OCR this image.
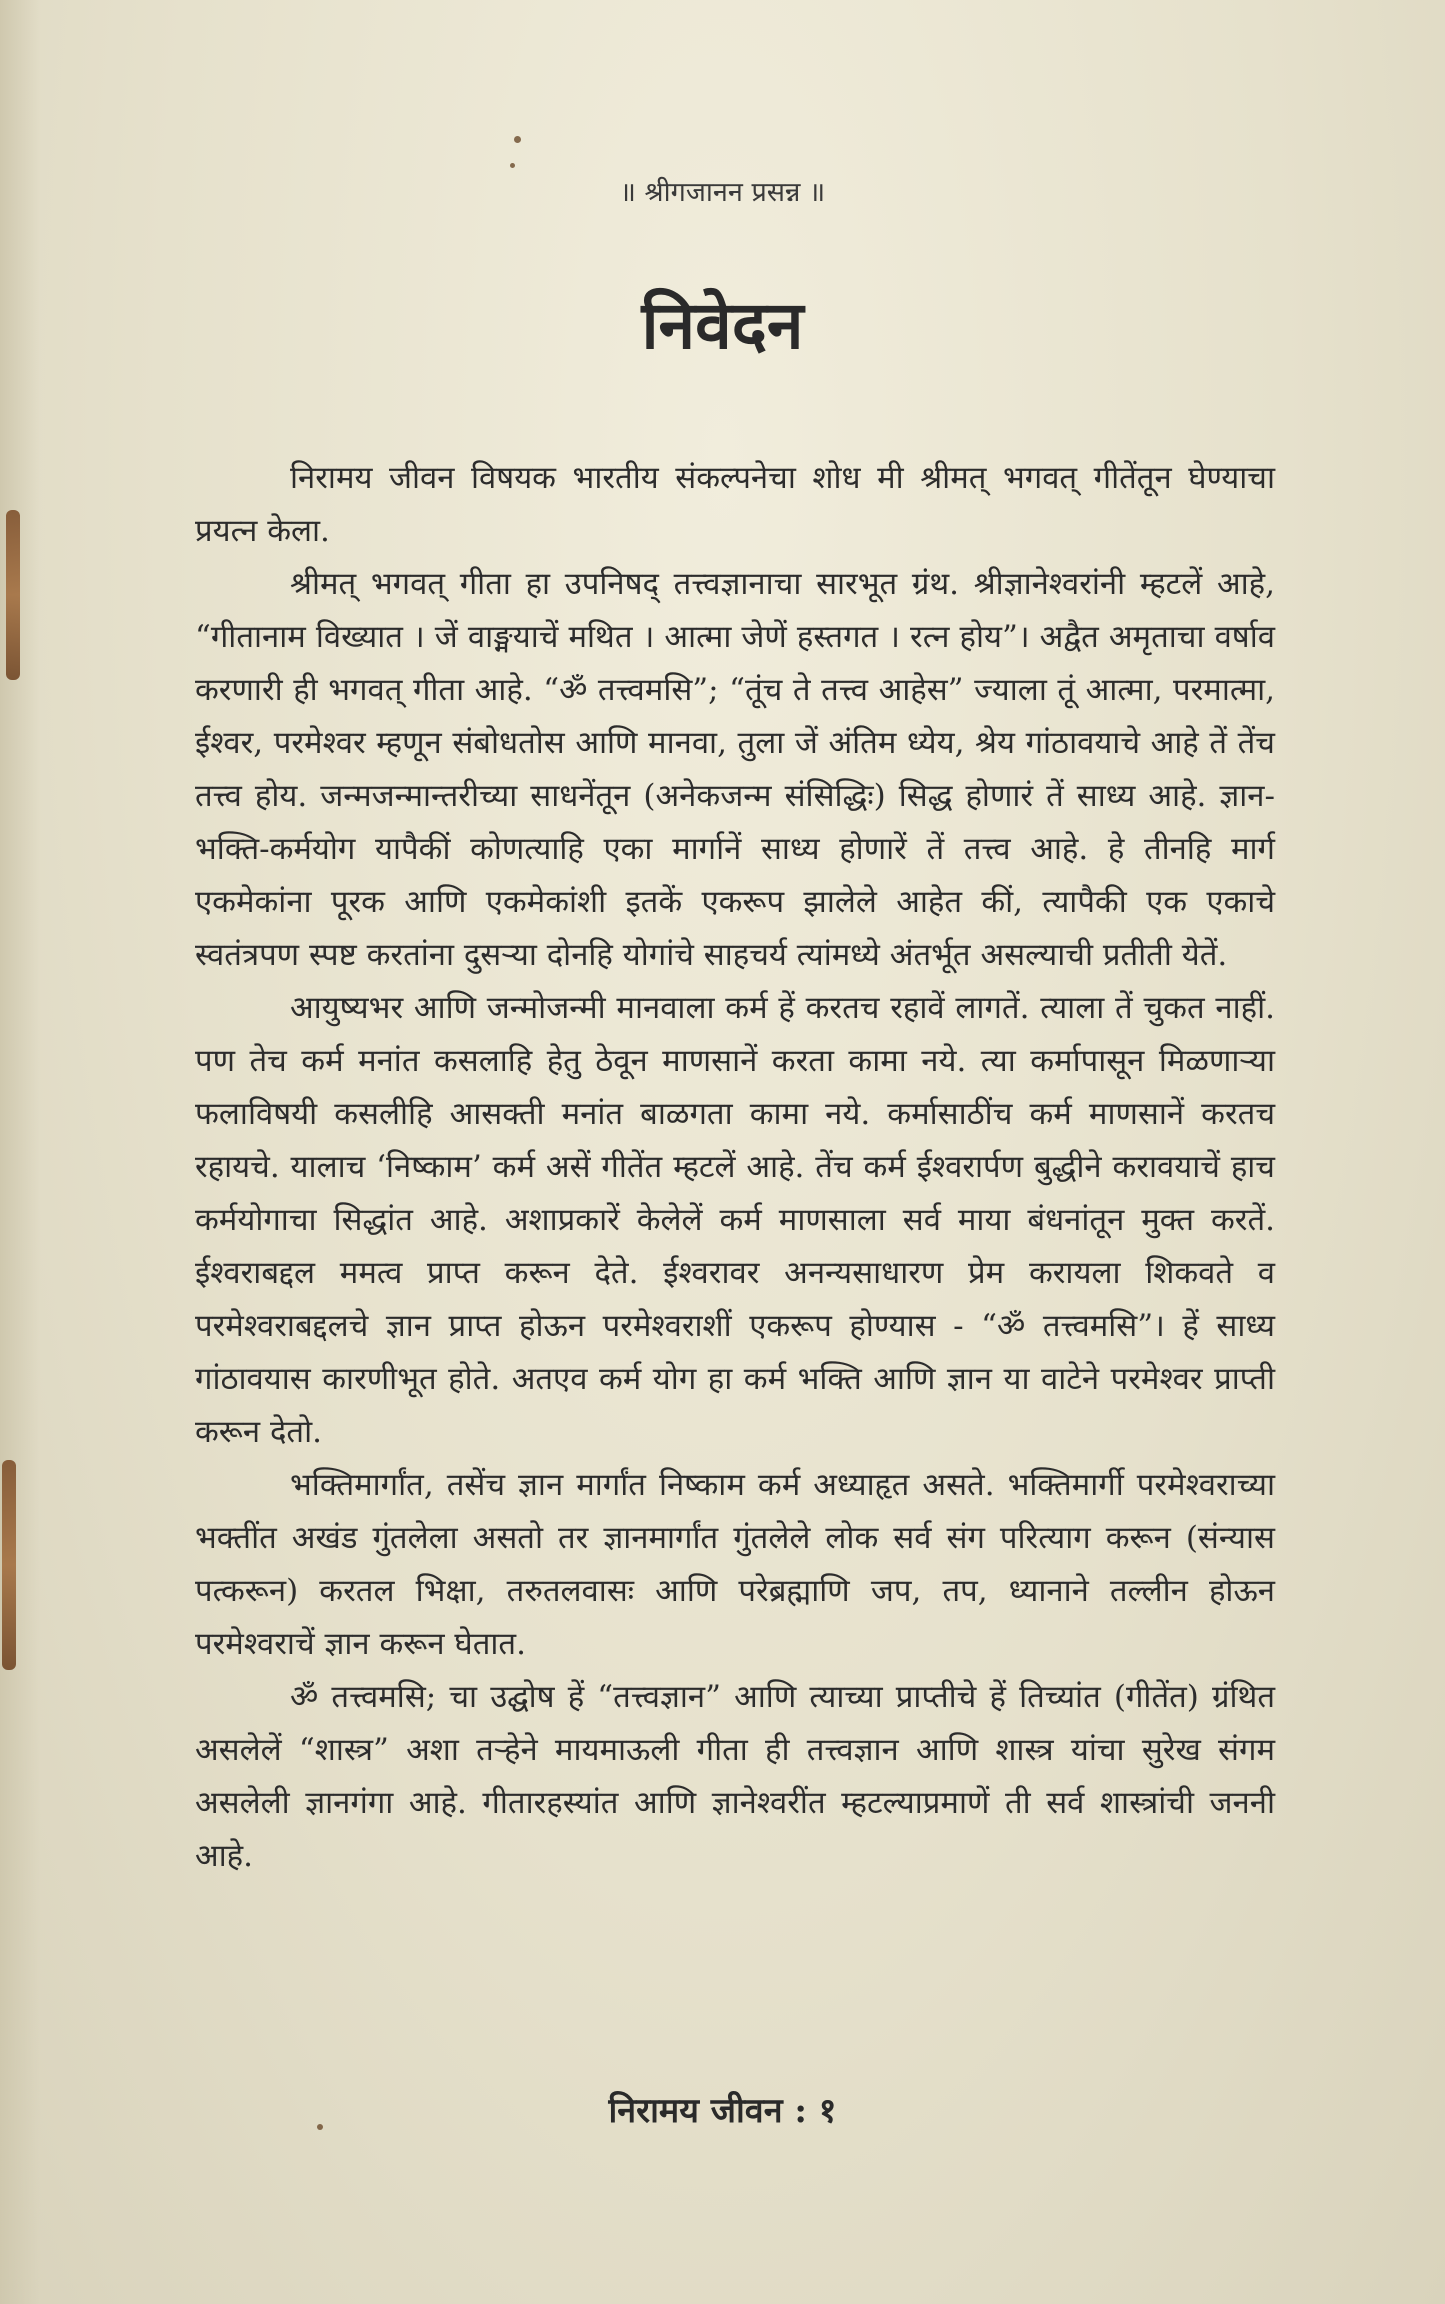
॥ श्रीगजानन प्रसन्न ॥
निवेदन

निरामय जीवन विषयक भारतीय संकल्पनेचा शोध मी श्रीमत् भगवत् गीतेंतून घेण्याचा प्रयत्न केला.

श्रीमत् भगवत् गीता हा उपनिषद् तत्त्वज्ञानाचा सारभूत ग्रंथ. श्रीज्ञानेश्वरांनी म्हटलें आहे, “गीतानाम विख्यात । जें वाङ्मयाचें मथित । आत्मा जेणें हस्तगत । रत्न होय”। अद्वैत अमृताचा वर्षाव करणारी ही भगवत् गीता आहे. “ॐ तत्त्वमसि”; “तूंच ते तत्त्व आहेस” ज्याला तूं आत्मा, परमात्मा, ईश्वर, परमेश्वर म्हणून संबोधतोस आणि मानवा, तुला जें अंतिम ध्येय, श्रेय गांठावयाचे आहे तें तेंच तत्त्व होय. जन्मजन्मान्तरीच्या साधनेंतून (अनेकजन्म संसिद्धिः) सिद्ध होणारं तें साध्य आहे. ज्ञान-भक्ति-कर्मयोग यापैकीं कोणत्याहि एका मार्गानें साध्य होणारें तें तत्त्व आहे. हे तीनहि मार्ग एकमेकांना पूरक आणि एकमेकांशी इतकें एकरूप झालेले आहेत कीं, त्यापैकी एक एकाचे स्वतंत्रपण स्पष्ट करतांना दुसऱ्या दोनहि योगांचे साहचर्य त्यांमध्ये अंतर्भूत असल्याची प्रतीती येतें.

आयुष्यभर आणि जन्मोजन्मी मानवाला कर्म हें करतच रहावें लागतें. त्याला तें चुकत नाहीं. पण तेच कर्म मनांत कसलाहि हेतु ठेवून माणसानें करता कामा नये. त्या कर्मापासून मिळणाऱ्या फलाविषयी कसलीहि आसक्ती मनांत बाळगता कामा नये. कर्मासाठींच कर्म माणसानें करतच रहायचे. यालाच ‘निष्काम’ कर्म असें गीतेंत म्हटलें आहे. तेंच कर्म ईश्वरार्पण बुद्धीने करावयाचें हाच कर्मयोगाचा सिद्धांत आहे. अशाप्रकारें केलेलें कर्म माणसाला सर्व माया बंधनांतून मुक्त करतें. ईश्वराबद्दल ममत्व प्राप्त करून देते. ईश्वरावर अनन्यसाधारण प्रेम करायला शिकवते व परमेश्वराबद्दलचे ज्ञान प्राप्त होऊन परमेश्वराशीं एकरूप होण्यास - “ॐ तत्त्वमसि”। हें साध्य गांठावयास कारणीभूत होते. अतएव कर्म योग हा कर्म भक्ति आणि ज्ञान या वाटेने परमेश्वर प्राप्ती करून देतो.

भक्तिमार्गांत, तसेंच ज्ञान मार्गांत निष्काम कर्म अध्याहृत असते. भक्तिमार्गी परमेश्वराच्या भक्तींत अखंड गुंतलेला असतो तर ज्ञानमार्गांत गुंतलेले लोक सर्व संग परित्याग करून (संन्यास पत्करून) करतल भिक्षा, तरुतलवासः आणि परेब्रह्माणि जप, तप, ध्यानाने तल्लीन होऊन परमेश्वराचें ज्ञान करून घेतात.

ॐ तत्त्वमसि; चा उद्घोष हें “तत्त्वज्ञान” आणि त्याच्या प्राप्तीचे हें तिच्यांत (गीतेंत) ग्रंथित असलेलें “शास्त्र” अशा तऱ्हेने मायमाऊली गीता ही तत्त्वज्ञान आणि शास्त्र यांचा सुरेख संगम असलेली ज्ञानगंगा आहे. गीतारहस्यांत आणि ज्ञानेश्वरींत म्हटल्याप्रमाणें ती सर्व शास्त्रांची जननी आहे.

निरामय जीवन : १
